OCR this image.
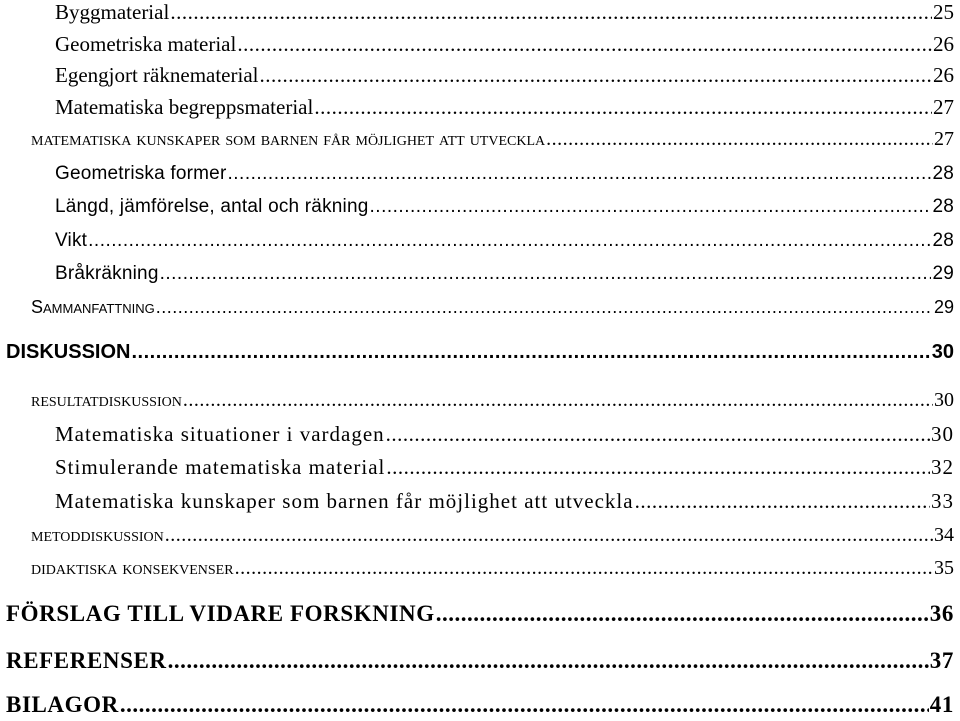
Byggmaterial .....	25
Geometriska material .....	26
Egengjort räknematerial .....	26
Matematiska begreppsmaterial .....	27
matematiska kunskaper som barnen får möjlighet att utveckla .....	27
Geometriska former .....	28
Längd, jämförelse, antal och räkning .....	28
Vikt .....	28
Bråkräkning .....	29
Sammanfattning .....	29
DISKUSSION .....	30
resultatdiskussion .....	30
Matematiska situationer i vardagen .....	30
Stimulerande matematiska material .....	32
Matematiska kunskaper som barnen får möjlighet att utveckla .....	33
metoddiskussion .....	34
didaktiska konsekvenser .....	35
FÖRSLAG TILL VIDARE FORSKNING .....	36
REFERENSER .....	37
BILAGOR .....	41
